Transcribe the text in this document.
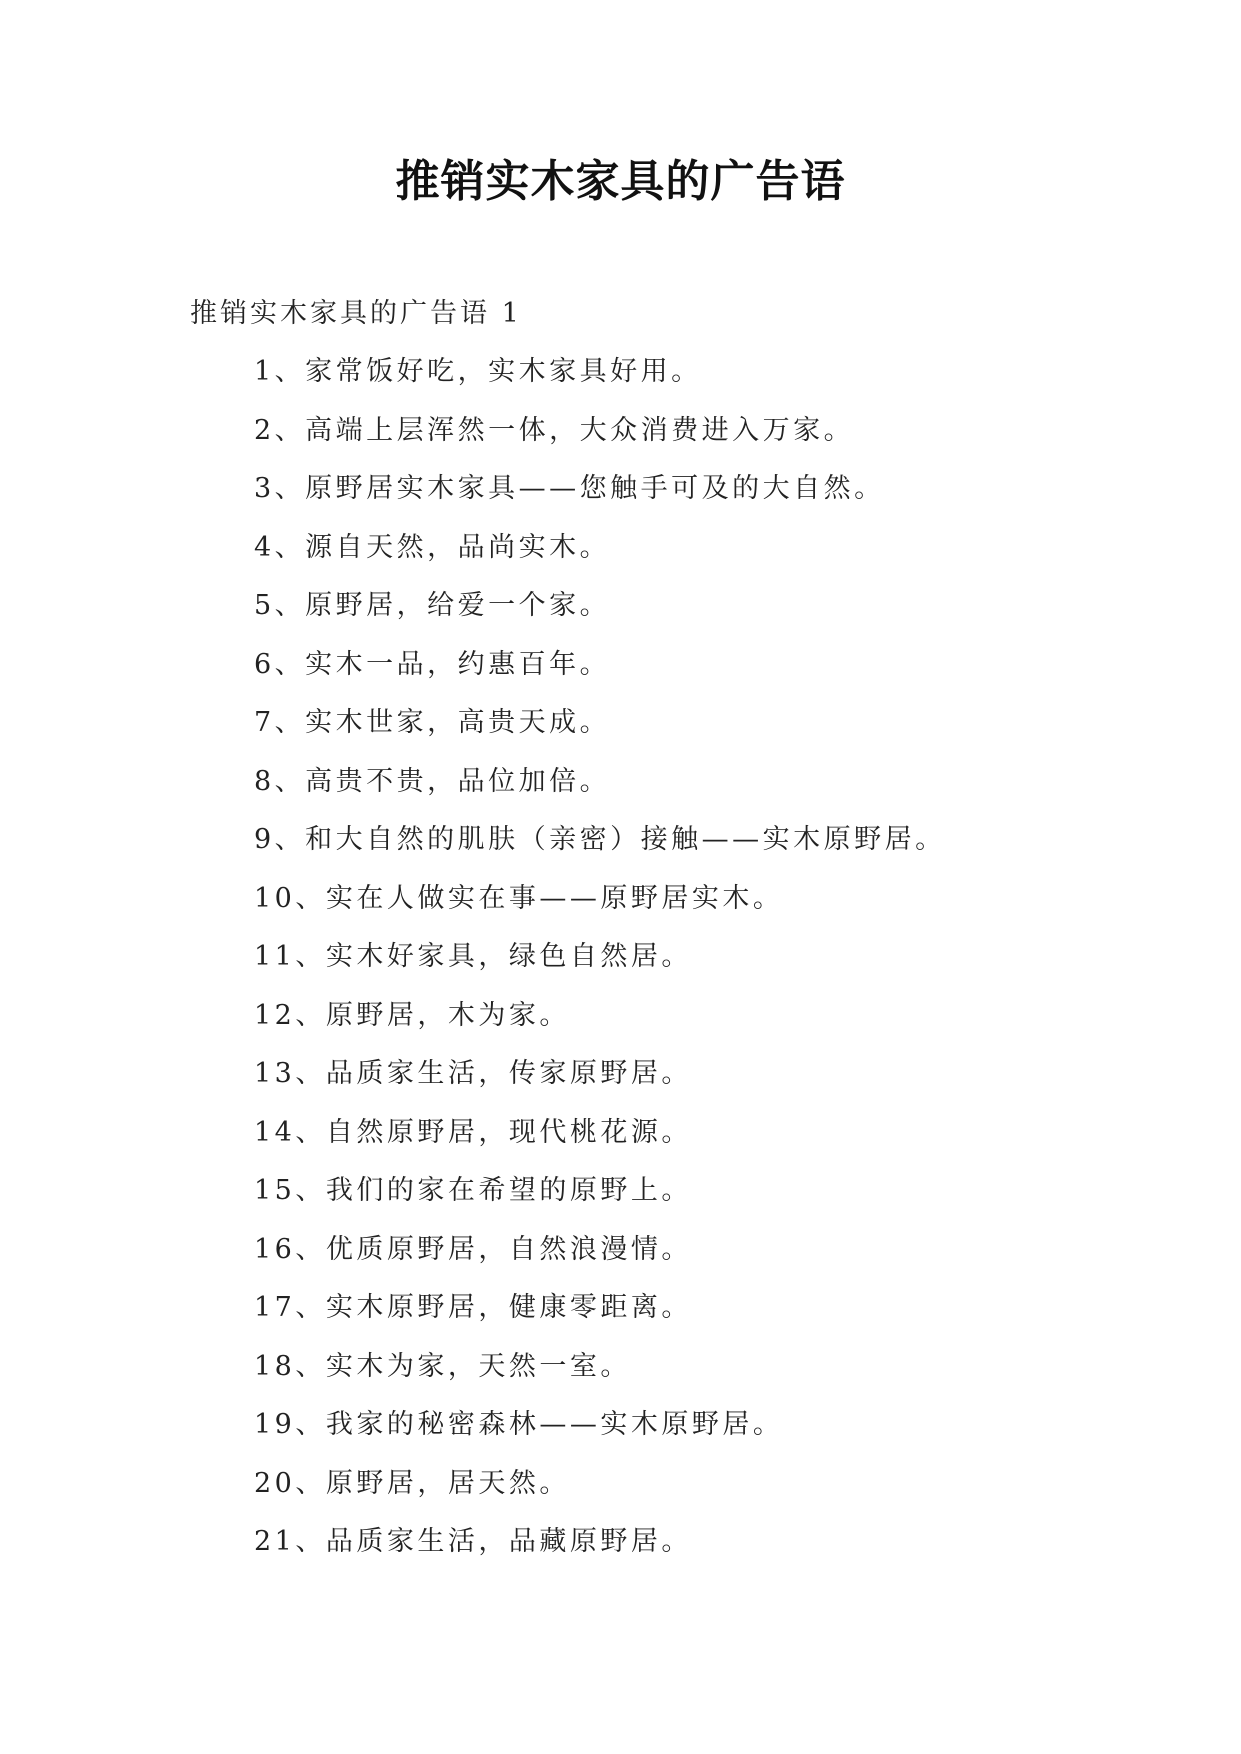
推销实木家具的广告语
推销实木家具的广告语 1
1、家常饭好吃，实木家具好用。
2、高端上层浑然一体，大众消费进入万家。
3、原野居实木家具——您触手可及的大自然。
4、源自天然，品尚实木。
5、原野居，给爱一个家。
6、实木一品，约惠百年。
7、实木世家，高贵天成。
8、高贵不贵，品位加倍。
9、和大自然的肌肤（亲密）接触——实木原野居。
10、实在人做实在事——原野居实木。
11、实木好家具，绿色自然居。
12、原野居，木为家。
13、品质家生活，传家原野居。
14、自然原野居，现代桃花源。
15、我们的家在希望的原野上。
16、优质原野居，自然浪漫情。
17、实木原野居，健康零距离。
18、实木为家，天然一室。
19、我家的秘密森林——实木原野居。
20、原野居，居天然。
21、品质家生活，品藏原野居。
